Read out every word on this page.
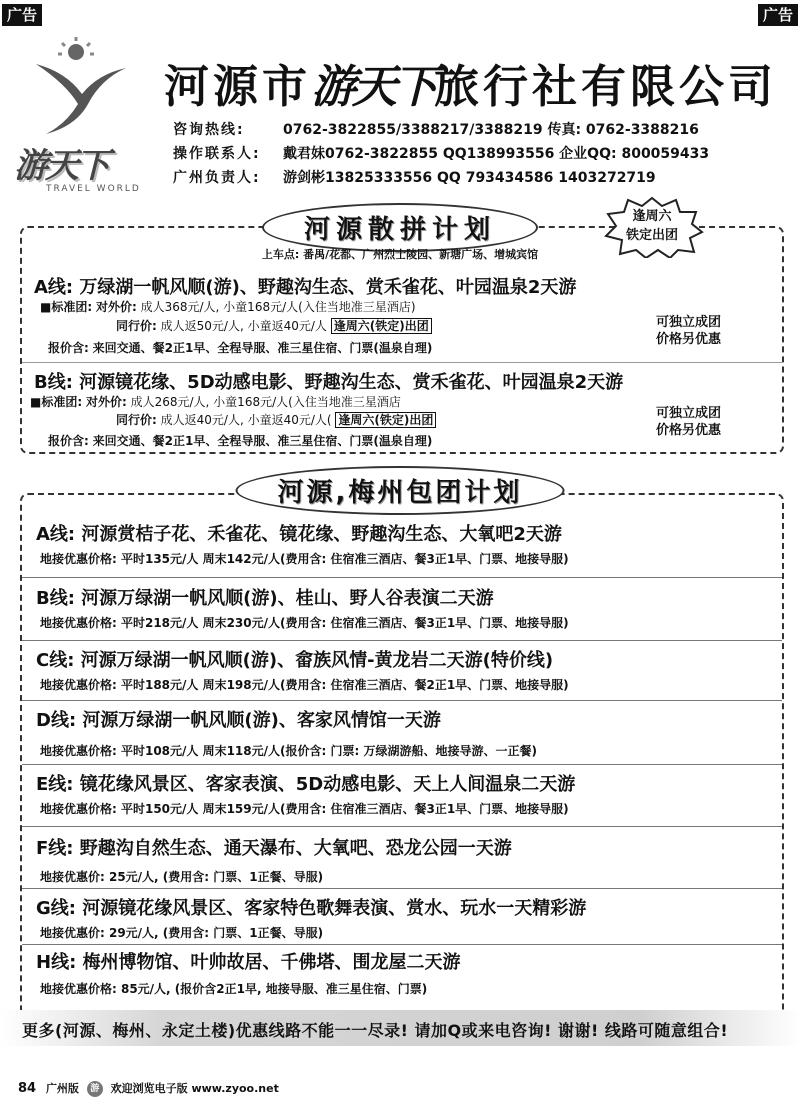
广告	广告
游天下
TRAVEL WORLD
河源市游天下旅行社有限公司
咨询热线:	0762-3822855/3388217/3388219 传真: 0762-3388216
操作联系人: 戴君妹0762-3822855 QQ138993556 企业QQ: 800059433
广州负责人: 游剑彬13825333556 QQ 793434586 1403272719
河源散拼计划	逢周六
铁定出团
上车点: 番禺/花都、广州烈士陵园、新塘广场、增城宾馆
A线: 万绿湖一帆风顺(游)、野趣沟生态、赏禾雀花、叶园温泉2天游
■标准团: 对外价: 成人368元/人, 小童168元/人(入住当地准三星酒店)
同行价: 成人返50元/人, 小童返40元/人 逢周六(铁定)出团
报价含: 来回交通、餐2正1早、全程导服、准三星住宿、门票(温泉自理)
可独立成团
价格另优惠
B线: 河源镜花缘、5D动感电影、野趣沟生态、赏禾雀花、叶园温泉2天游
■标准团: 对外价: 成人268元/人, 小童168元/人(入住当地准三星酒店
同行价: 成人返40元/人, 小童返40元/人( 逢周六(铁定)出团
报价含: 来回交通、餐2正1早、全程导服、准三星住宿、门票(温泉自理)
可独立成团
价格另优惠
河源,梅州包团计划
A线: 河源赏桔子花、禾雀花、镜花缘、野趣沟生态、大氧吧2天游
地接优惠价格: 平时135元/人 周末142元/人(费用含: 住宿准三酒店、餐3正1早、门票、地接导服)
B线: 河源万绿湖一帆风顺(游)、桂山、野人谷表演二天游
地接优惠价格: 平时218元/人 周末230元/人(费用含: 住宿准三酒店、餐3正1早、门票、地接导服)
C线: 河源万绿湖一帆风顺(游)、畲族风情-黄龙岩二天游(特价线)
地接优惠价格: 平时188元/人 周末198元/人(费用含: 住宿准三酒店、餐2正1早、门票、地接导服)
D线: 河源万绿湖一帆风顺(游)、客家风情馆一天游
地接优惠价格: 平时108元/人 周末118元/人(报价含: 门票: 万绿湖游船、地接导游、一正餐)
E线: 镜花缘风景区、客家表演、5D动感电影、天上人间温泉二天游
地接优惠价格: 平时150元/人 周末159元/人(费用含: 住宿准三酒店、餐3正1早、门票、地接导服)
F线: 野趣沟自然生态、通天瀑布、大氧吧、恐龙公园一天游
地接优惠价: 25元/人, (费用含: 门票、1正餐、导服)
G线: 河源镜花缘风景区、客家特色歌舞表演、赏水、玩水一天精彩游
地接优惠价: 29元/人, (费用含: 门票、1正餐、导服)
H线: 梅州博物馆、叶帅故居、千佛塔、围龙屋二天游
地接优惠价格: 85元/人, (报价含2正1早, 地接导服、准三星住宿、门票)
更多(河源、梅州、永定土楼)优惠线路不能一一尽录! 请加Q或来电咨询! 谢谢! 线路可随意组合!
84 广州版 游 欢迎浏览电子版 www.zyoo.net
